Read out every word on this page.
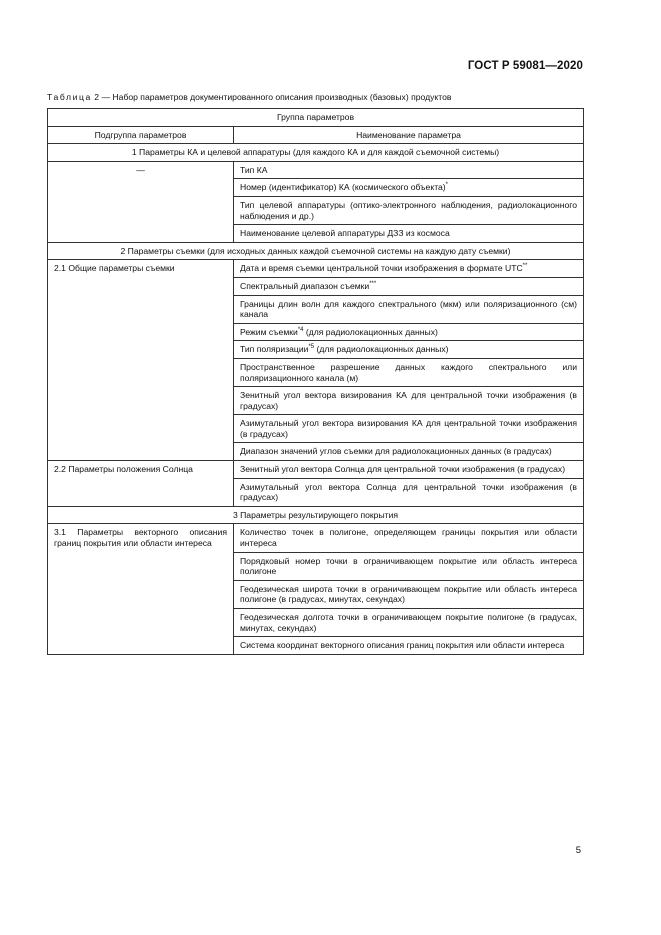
ГОСТ Р 59081—2020
Таблица 2 — Набор параметров документированного описания производных (базовых) продуктов
Группа параметров	
Подгруппа параметров	Наименование параметра
1 Параметры КА и целевой аппаратуры (для каждого КА и для каждой съемочной системы)	
—	Тип КА
	Номер (идентификатор) КА (космического объекта)*
	Тип целевой аппаратуры (оптико-электронного наблюдения, радиолокационного наблюдения и др.)
	Наименование целевой аппаратуры ДЗЗ из космоса
2 Параметры съемки (для исходных данных каждой съемочной системы на каждую дату съемки)	
2.1 Общие параметры съемки	Дата и время съемки центральной точки изображения в формате UTC**
	Спектральный диапазон съемки***
	Границы длин волн для каждого спектрального (мкм) или поляризационного (см) канала
	Режим съемки$^{*4}$ (для радиолокационных данных)
	Тип поляризации$^{*5}$ (для радиолокационных данных)
	Пространственное разрешение данных каждого спектрального или поляризационного канала (м)
	Зенитный угол вектора визирования КА для центральной точки изображения (в градусах)
	Азимутальный угол вектора визирования КА для центральной точки изображения (в градусах)
	Диапазон значений углов съемки для радиолокационных данных (в градусах)
2.2 Параметры положения Солнца	Зенитный угол вектора Солнца для центральной точки изображения (в градусах)
	Азимутальный угол вектора Солнца для центральной точки изображения (в градусах)
3 Параметры результирующего покрытия	
3.1 Параметры векторного описания границ покрытия или области интереса	Количество точек в полигоне, определяющем границы покрытия или области интереса
	Порядковый номер точки в ограничивающем покрытие или область интереса полигоне
	Геодезическая широта точки в ограничивающем покрытие или область интереса полигоне (в градусах, минутах, секундах)
	Геодезическая долгота точки в ограничивающем покрытие полигоне (в градусах, минутах, секундах)
	Система координат векторного описания границ покрытия или области интереса
5
